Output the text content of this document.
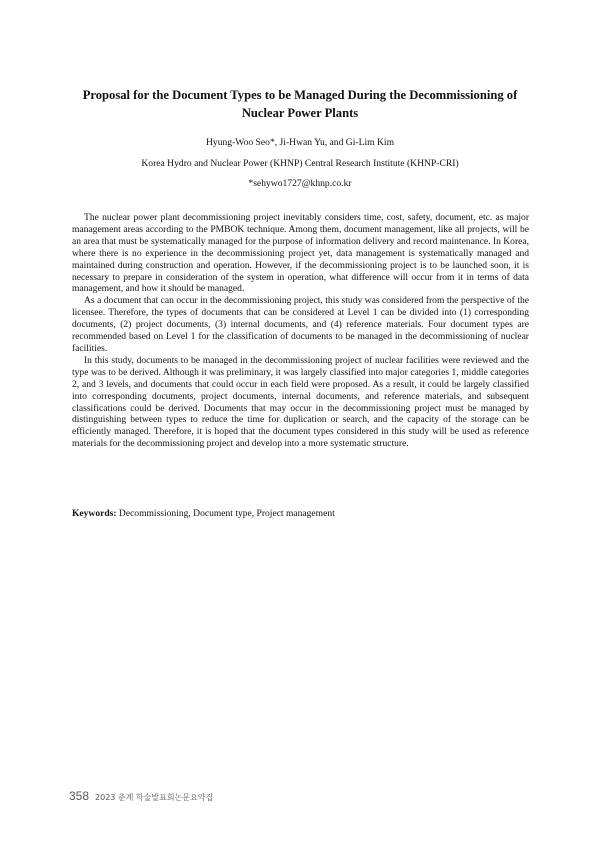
Proposal for the Document Types to be Managed During the Decommissioning of Nuclear Power Plants
Hyung-Woo Seo*, Ji-Hwan Yu, and Gi-Lim Kim
Korea Hydro and Nuclear Power (KHNP) Central Research Institute (KHNP-CRI)
*sehywo1727@khnp.co.kr

The nuclear power plant decommissioning project inevitably considers time, cost, safety, document, etc. as major management areas according to the PMBOK technique. Among them, document management, like all projects, will be an area that must be systematically managed for the purpose of information delivery and record maintenance. In Korea, where there is no experience in the decommissioning project yet, data management is systematically managed and maintained during construction and operation. However, if the decommissioning project is to be launched soon, it is necessary to prepare in consideration of the system in operation, what difference will occur from it in terms of data management, and how it should be managed.

As a document that can occur in the decommissioning project, this study was considered from the perspective of the licensee. Therefore, the types of documents that can be considered at Level 1 can be divided into (1) corresponding documents, (2) project documents, (3) internal documents, and (4) reference materials. Four document types are recommended based on Level 1 for the classification of documents to be managed in the decommissioning of nuclear facilities.

In this study, documents to be managed in the decommissioning project of nuclear facilities were reviewed and the type was to be derived. Although it was preliminary, it was largely classified into major categories 1, middle categories 2, and 3 levels, and documents that could occur in each field were proposed. As a result, it could be largely classified into corresponding documents, project documents, internal documents, and reference materials, and subsequent classifications could be derived. Documents that may occur in the decommissioning project must be managed by distinguishing between types to reduce the time for duplication or search, and the capacity of the storage can be efficiently managed. Therefore, it is hoped that the document types considered in this study will be used as reference materials for the decommissioning project and develop into a more systematic structure.

Keywords: Decommissioning, Document type, Project management
358 2023 춘계 학술발표회논문요약집
